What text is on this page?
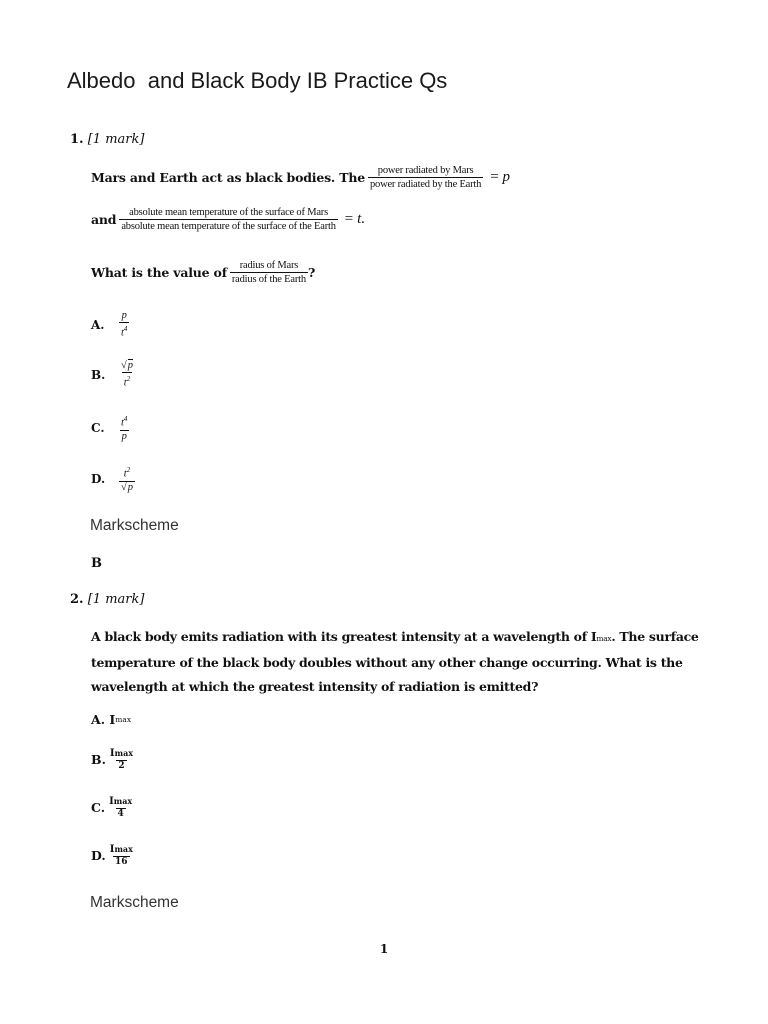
Albedo  and Black Body IB Practice Qs
1. [1 mark]
Mars and Earth act as black bodies. The $\frac{\text{power radiated by Mars}}{\text{power radiated by the Earth}} = p$
and $\frac{\text{absolute mean temperature of the surface of Mars}}{\text{absolute mean temperature of the surface of the Earth}} = t$ .
What is the value of $\frac{\text{radius of Mars}}{\text{radius of the Earth}}$ ?
A.	$\frac{p}{t^4}$
B.	$\frac{√p}{t^2}$
C.	$\frac{t^4}{p}$
D.	$\frac{t^2}{√p}$
Markscheme
B
2. [1 mark]
A black body emits radiation with its greatest intensity at a wavelength of Imax. The surface temperature of the black body doubles without any other change occurring. What is the wavelength at which the greatest intensity of radiation is emitted?
A.
I max
B. Imax
2
C. Imax
4
D. Imax
16
Markscheme
1
